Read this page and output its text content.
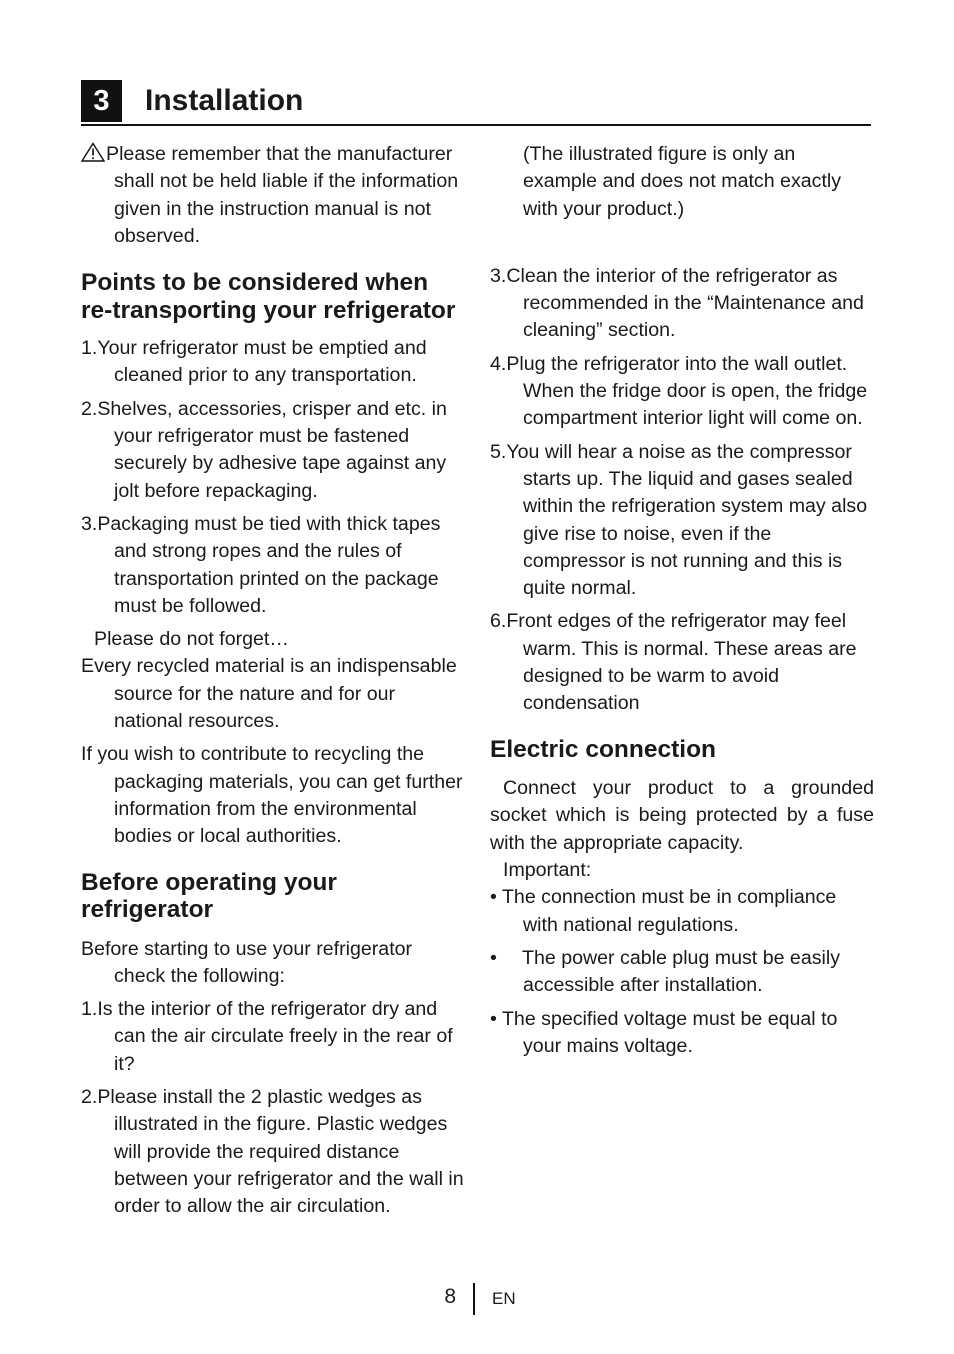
3	Installation

Please remember that the manufacturer shall not be held liable if the information given in the instruction manual is not observed.

Points to be considered when re-transporting your refrigerator

1.Your refrigerator must be emptied and cleaned prior to any transportation.

2.Shelves, accessories, crisper and etc. in your refrigerator must be fastened securely by adhesive tape against any jolt before repackaging.

3.Packaging must be tied with thick tapes and strong ropes and the rules of transportation printed on the package must be followed.

Please do not forget…

Every recycled material is an indispensable source for the nature and for our national resources.

If you wish to contribute to recycling the packaging materials, you can get further information from the environmental bodies or local authorities.

Before operating your refrigerator

Before starting to use your refrigerator check the following:

1.Is the interior of the refrigerator dry and can the air circulate freely in the rear of it?

2.Please install the 2 plastic wedges as illustrated in the figure. Plastic wedges will provide the required distance between your refrigerator and the wall in order to allow the air circulation.

(The illustrated figure is only an example and does not match exactly with your product.)

3.Clean the interior of the refrigerator as recommended in the “Maintenance and cleaning” section.

4.Plug the refrigerator into the wall outlet. When the fridge door is open, the fridge compartment interior light will come on.

5.You will hear a noise as the compressor starts up. The liquid and gases sealed within the refrigeration system may also give rise to noise, even if the compressor is not running and this is quite normal.

6.Front edges of the refrigerator may feel warm. This is normal. These areas are designed to be warm to avoid condensation

Electric connection

Connect your product to a grounded socket which is being protected by a fuse with the appropriate capacity.

Important:

• The connection must be in compliance with national regulations.

• The power cable plug must be easily accessible after installation.

• The specified voltage must be equal to your mains voltage.

8 EN
